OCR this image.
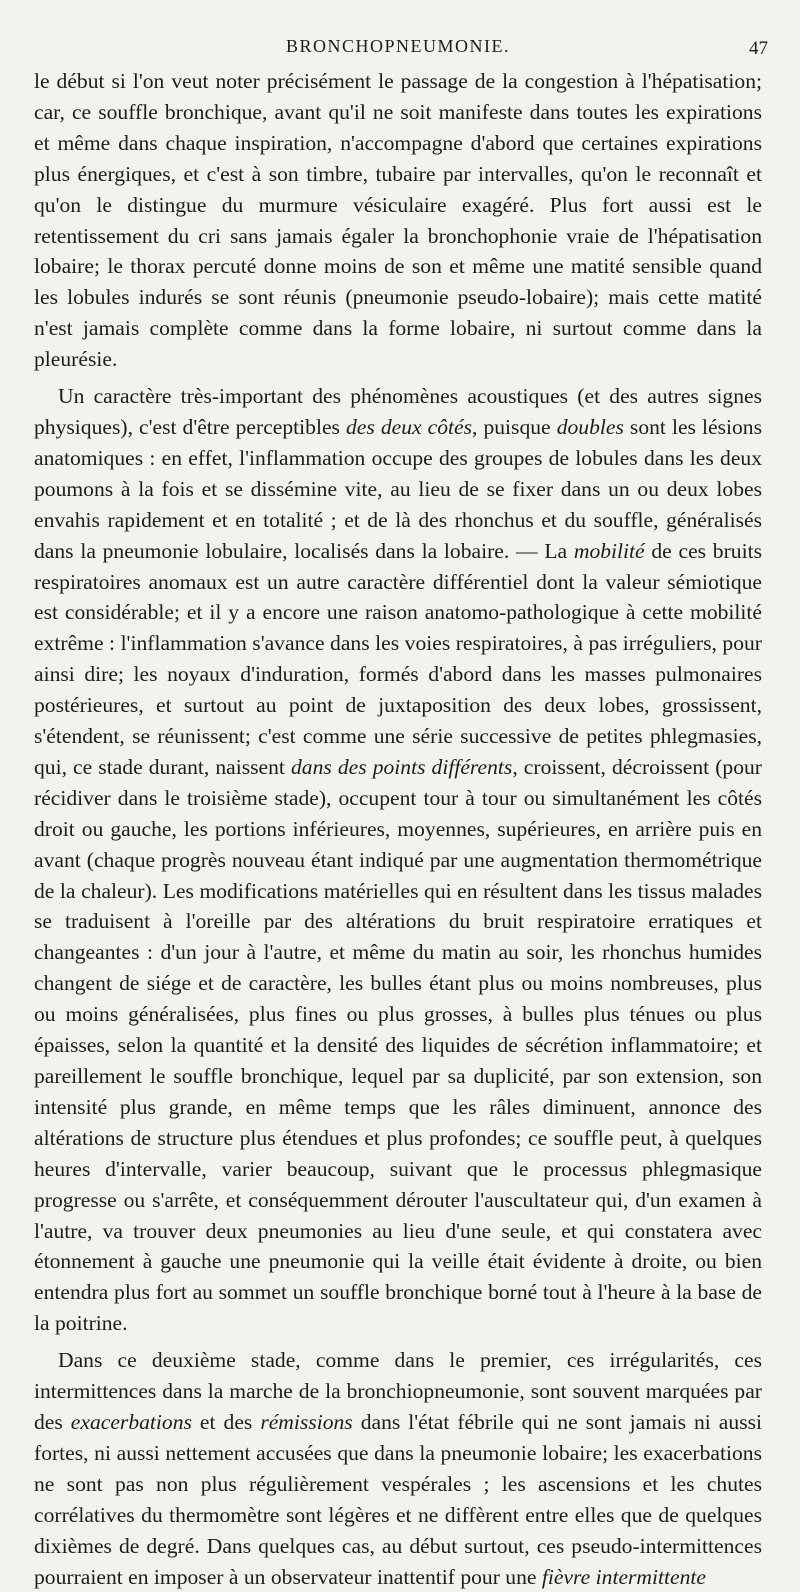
BRONCHOPNEUMONIE.	47

le début si l'on veut noter précisément le passage de la congestion à l'hépatisation; car, ce souffle bronchique, avant qu'il ne soit manifeste dans toutes les expirations et même dans chaque inspiration, n'accompagne d'abord que certaines expirations plus énergiques, et c'est à son timbre, tubaire par intervalles, qu'on le reconnaît et qu'on le distingue du murmure vésiculaire exagéré. Plus fort aussi est le retentissement du cri sans jamais égaler la bronchophonie vraie de l'hépatisation lobaire; le thorax percuté donne moins de son et même une matité sensible quand les lobules indurés se sont réunis (pneumonie pseudo-lobaire); mais cette matité n'est jamais complète comme dans la forme lobaire, ni surtout comme dans la pleurésie.

Un caractère très-important des phénomènes acoustiques (et des autres signes physiques), c'est d'être perceptibles des deux côtés, puisque doubles sont les lésions anatomiques : en effet, l'inflammation occupe des groupes de lobules dans les deux poumons à la fois et se dissémine vite, au lieu de se fixer dans un ou deux lobes envahis rapidement et en totalité ; et de là des rhonchus et du souffle, généralisés dans la pneumonie lobulaire, localisés dans la lobaire. — La mobilité de ces bruits respiratoires anomaux est un autre caractère différentiel dont la valeur sémiotique est considérable; et il y a encore une raison anatomo-pathologique à cette mobilité extrême : l'inflammation s'avance dans les voies respiratoires, à pas irréguliers, pour ainsi dire; les noyaux d'induration, formés d'abord dans les masses pulmonaires postérieures, et surtout au point de juxtaposition des deux lobes, grossissent, s'étendent, se réunissent; c'est comme une série successive de petites phlegmasies, qui, ce stade durant, naissent dans des points différents, croissent, décroissent (pour récidiver dans le troisième stade), occupent tour à tour ou simultanément les côtés droit ou gauche, les portions inférieures, moyennes, supérieures, en arrière puis en avant (chaque progrès nouveau étant indiqué par une augmentation thermométrique de la chaleur). Les modifications matérielles qui en résultent dans les tissus malades se traduisent à l'oreille par des altérations du bruit respiratoire erratiques et changeantes : d'un jour à l'autre, et même du matin au soir, les rhonchus humides changent de siége et de caractère, les bulles étant plus ou moins nombreuses, plus ou moins généralisées, plus fines ou plus grosses, à bulles plus ténues ou plus épaisses, selon la quantité et la densité des liquides de sécrétion inflammatoire; et pareillement le souffle bronchique, lequel par sa duplicité, par son extension, son intensité plus grande, en même temps que les râles diminuent, annonce des altérations de structure plus étendues et plus profondes; ce souffle peut, à quelques heures d'intervalle, varier beaucoup, suivant que le processus phlegmasique progresse ou s'arrête, et conséquemment dérouter l'auscultateur qui, d'un examen à l'autre, va trouver deux pneumonies au lieu d'une seule, et qui constatera avec étonnement à gauche une pneumonie qui la veille était évidente à droite, ou bien entendra plus fort au sommet un souffle bronchique borné tout à l'heure à la base de la poitrine.

Dans ce deuxième stade, comme dans le premier, ces irrégularités, ces intermittences dans la marche de la bronchiopneumonie, sont souvent marquées par des exacerbations et des rémissions dans l'état fébrile qui ne sont jamais ni aussi fortes, ni aussi nettement accusées que dans la pneumonie lobaire; les exacerbations ne sont pas non plus régulièrement vespérales ; les ascensions et les chutes corrélatives du thermomètre sont légères et ne diffèrent entre elles que de quelques dixièmes de degré. Dans quelques cas, au début surtout, ces pseudo-intermittences pourraient en imposer à un observateur inattentif pour une fièvre intermittente
